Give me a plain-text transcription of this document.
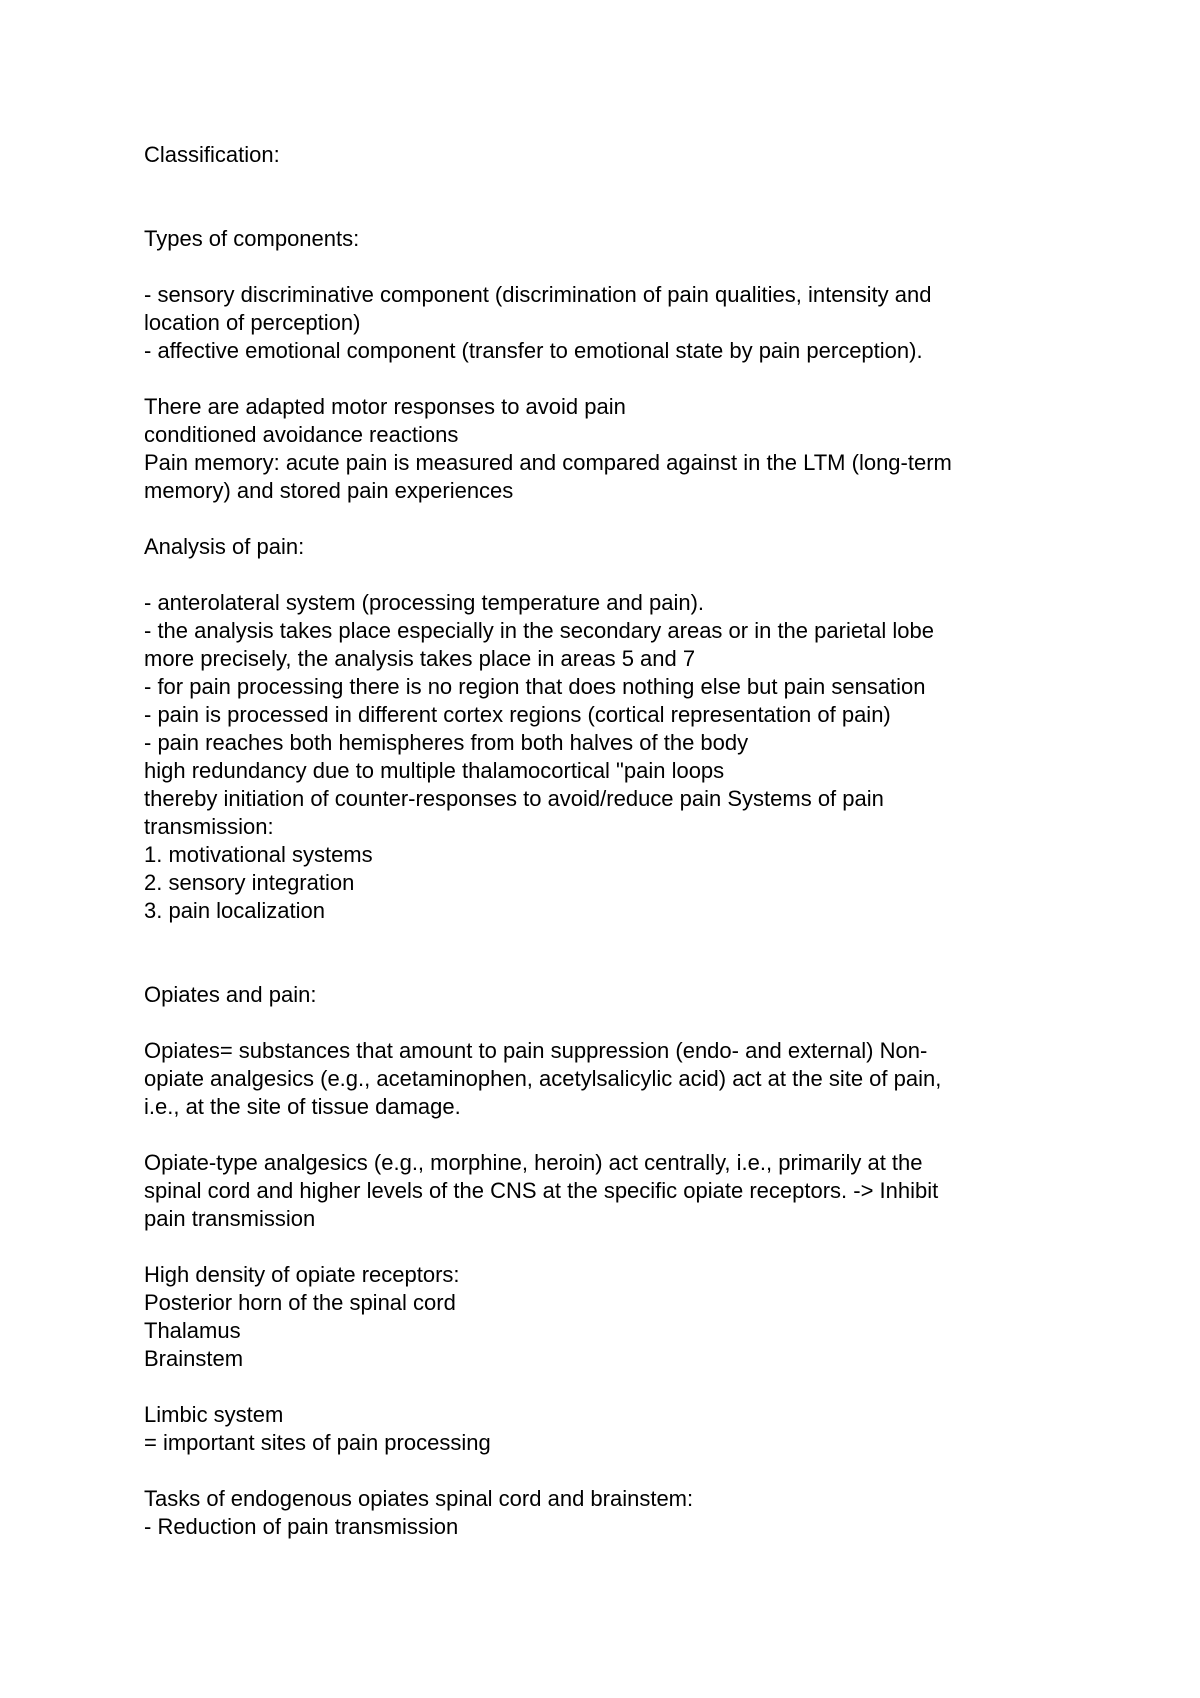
Classification:
Types of components:
- sensory discriminative component (discrimination of pain qualities, intensity and
location of perception)
- affective emotional component (transfer to emotional state by pain perception).
There are adapted motor responses to avoid pain
conditioned avoidance reactions
Pain memory: acute pain is measured and compared against in the LTM (long-term
memory) and stored pain experiences
Analysis of pain:
- anterolateral system (processing temperature and pain).
- the analysis takes place especially in the secondary areas or in the parietal lobe
more precisely, the analysis takes place in areas 5 and 7
- for pain processing there is no region that does nothing else but pain sensation
- pain is processed in different cortex regions (cortical representation of pain)
- pain reaches both hemispheres from both halves of the body
high redundancy due to multiple thalamocortical "pain loops
thereby initiation of counter-responses to avoid/reduce pain Systems of pain
transmission:
1. motivational systems
2. sensory integration
3. pain localization
Opiates and pain:
Opiates= substances that amount to pain suppression (endo- and external) Non-
opiate analgesics (e.g., acetaminophen, acetylsalicylic acid) act at the site of pain,
i.e., at the site of tissue damage.
Opiate-type analgesics (e.g., morphine, heroin) act centrally, i.e., primarily at the
spinal cord and higher levels of the CNS at the specific opiate receptors. -> Inhibit
pain transmission
High density of opiate receptors:
Posterior horn of the spinal cord
Thalamus
Brainstem
Limbic system
= important sites of pain processing
Tasks of endogenous opiates spinal cord and brainstem:
- Reduction of pain transmission
